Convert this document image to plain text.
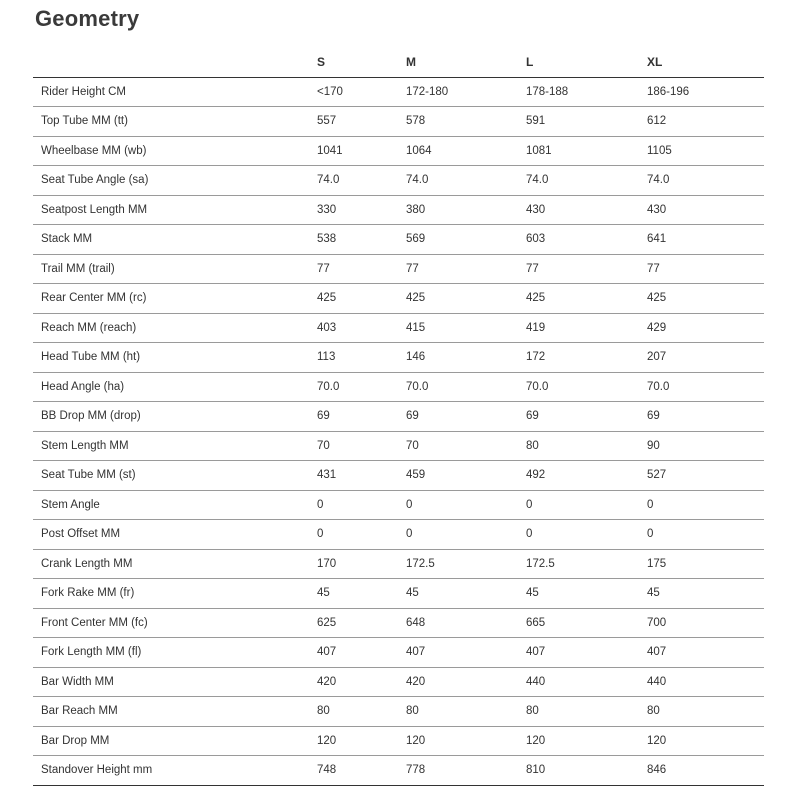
Geometry
	S	M	L	XL
Rider Height CM	<170	172-180	178-188	186-196
Top Tube MM (tt)	557	578	591	612
Wheelbase MM (wb)	1041	1064	1081	1105
Seat Tube Angle (sa)	74.0	74.0	74.0	74.0
Seatpost Length MM	330	380	430	430
Stack MM	538	569	603	641
Trail MM (trail)	77	77	77	77
Rear Center MM (rc)	425	425	425	425
Reach MM (reach)	403	415	419	429
Head Tube MM (ht)	113	146	172	207
Head Angle (ha)	70.0	70.0	70.0	70.0
BB Drop MM (drop)	69	69	69	69
Stem Length MM	70	70	80	90
Seat Tube MM (st)	431	459	492	527
Stem Angle	0	0	0	0
Post Offset MM	0	0	0	0
Crank Length MM	170	172.5	172.5	175
Fork Rake MM (fr)	45	45	45	45
Front Center MM (fc)	625	648	665	700
Fork Length MM (fl)	407	407	407	407
Bar Width MM	420	420	440	440
Bar Reach MM	80	80	80	80
Bar Drop MM	120	120	120	120
Standover Height mm	748	778	810	846
